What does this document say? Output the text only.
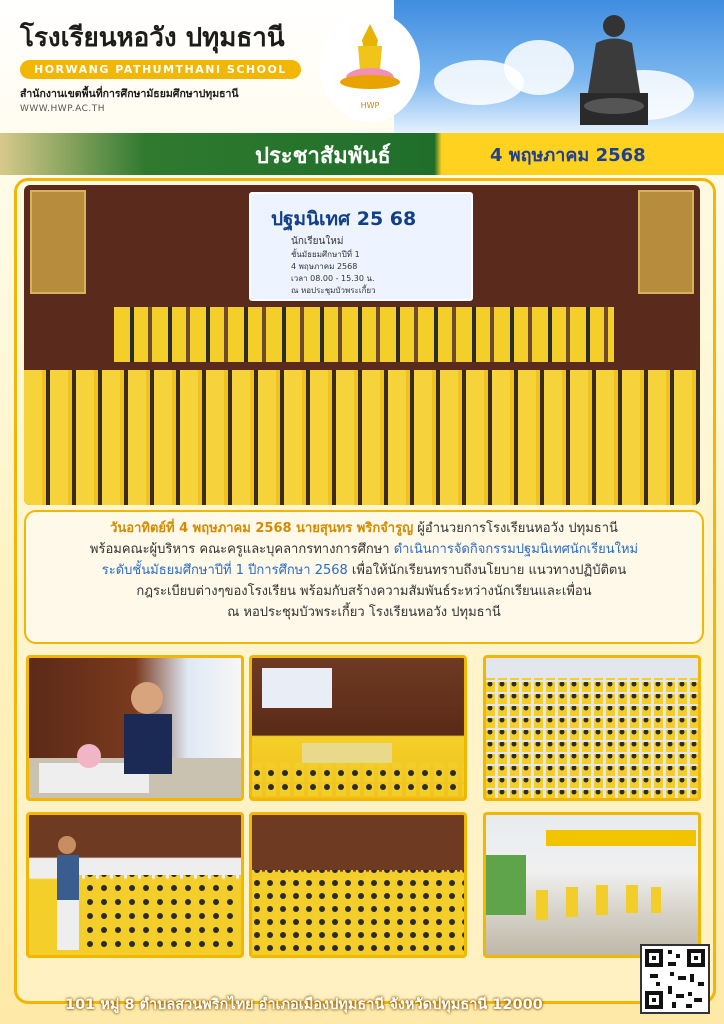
โรงเรียนหอวัง ปทุมธานี
HORWANG PATHUMTHANI SCHOOL
สำนักงานเขตพื้นที่การศึกษามัธยมศึกษาปทุมธานี
WWW.HWP.AC.TH	HWP
ประชาสัมพันธ์	4 พฤษภาคม 2568
ปฐมนิเทศ 25 68
นักเรียนใหม่
ชั้นมัธยมศึกษาปีที่ 1
4 พฤษภาคม 2568
เวลา 08.00 - 15.30 น.
ณ หอประชุมบัวพระเกี้ยว

วันอาทิตย์ที่ 4 พฤษภาคม 2568 นายสุนทร พริกจำรูญ ผู้อำนวยการโรงเรียนหอวัง ปทุมธานี

พร้อมคณะผู้บริหาร คณะครูและบุคลากรทางการศึกษา ดำเนินการจัดกิจกรรมปฐมนิเทศนักเรียนใหม่

ระดับชั้นมัธยมศึกษาปีที่ 1 ปีการศึกษา 2568 เพื่อให้นักเรียนทราบถึงนโยบาย แนวทางปฏิบัติตน

กฎระเบียบต่างๆของโรงเรียน พร้อมกับสร้างความสัมพันธ์ระหว่างนักเรียนและเพื่อน

ณ หอประชุมบัวพระเกี้ยว โรงเรียนหอวัง ปทุมธานี

101 หมู่ 8 ตำบลสวนพริกไทย อำเภอเมืองปทุมธานี จังหวัดปทุมธานี 12000
